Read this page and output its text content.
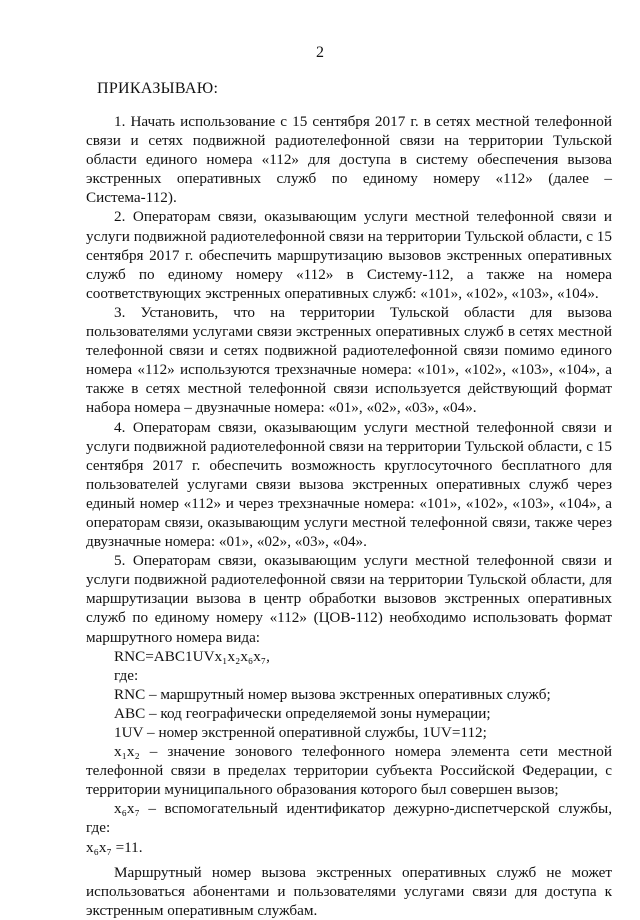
2
ПРИКАЗЫВАЮ:

1. Начать использование с 15 сентября 2017 г. в сетях местной телефонной связи и сетях подвижной радиотелефонной связи на территории Тульской области единого номера «112» для доступа в систему обеспечения вызова экстренных оперативных служб по единому номеру «112» (далее – Система-112).

2. Операторам связи, оказывающим услуги местной телефонной связи и услуги подвижной радиотелефонной связи на территории Тульской области, с 15 сентября 2017 г. обеспечить маршрутизацию вызовов экстренных оперативных служб по единому номеру «112» в Систему-112, а также на номера соответствующих экстренных оперативных служб: «101», «102», «103», «104».

3. Установить, что на территории Тульской области для вызова пользователями услугами связи экстренных оперативных служб в сетях местной телефонной связи и сетях подвижной радиотелефонной связи помимо единого номера «112» используются трехзначные номера: «101», «102», «103», «104», а также в сетях местной телефонной связи используется действующий формат набора номера – двузначные номера: «01», «02», «03», «04».

4. Операторам связи, оказывающим услуги местной телефонной связи и услуги подвижной радиотелефонной связи на территории Тульской области, с 15 сентября 2017 г. обеспечить возможность круглосуточного бесплатного для пользователей услугами связи вызова экстренных оперативных служб через единый номер «112» и через трехзначные номера: «101», «102», «103», «104», а операторам связи, оказывающим услуги местной телефонной связи, также через двузначные номера: «01», «02», «03», «04».

5. Операторам связи, оказывающим услуги местной телефонной связи и услуги подвижной радиотелефонной связи на территории Тульской области, для маршрутизации вызова в центр обработки вызовов экстренных оперативных служб по единому номеру «112» (ЦОВ-112) необходимо использовать формат маршрутного номера вида:

RNC=ABC1UVx₁x₂x₆x₇,

где:

RNC – маршрутный номер вызова экстренных оперативных служб;

ABC – код географически определяемой зоны нумерации;

1UV – номер экстренной оперативной службы, 1UV=112;

x₁x₂ – значение зонового телефонного номера элемента сети местной телефонной связи в пределах территории субъекта Российской Федерации, с территории муниципального образования которого был совершен вызов;

x₆x₇ – вспомогательный идентификатор дежурно-диспетчерской службы, где:

x₆x₇ =11.

Маршрутный номер вызова экстренных оперативных служб не может использоваться абонентами и пользователями услугами связи для доступа к экстренным оперативным службам.
